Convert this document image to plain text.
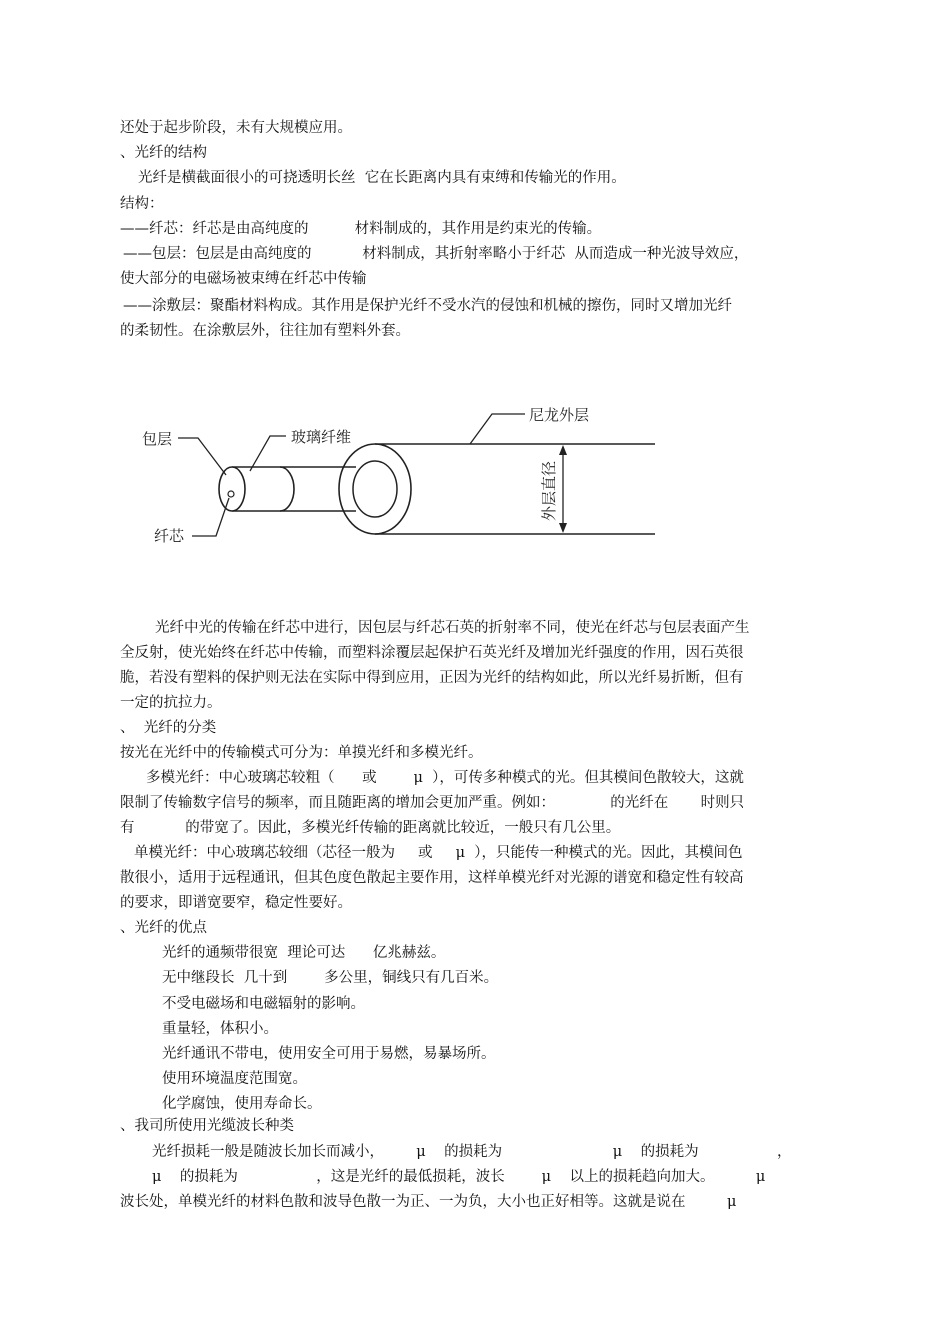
还处于起步阶段，未有大规模应用。
、光纤的结构
光纤是横截面很小的可挠透明长丝  它在长距离内具有束缚和传输光的作用。
结构：
——纤芯：纤芯是由高纯度的          材料制成的，其作用是约束光的传输。
——包层：包层是由高纯度的           材料制成，其折射率略小于纤芯  从而造成一种光波导效应，
使大部分的电磁场被束缚在纤芯中传输
——涂敷层：聚酯材料构成。其作用是保护光纤不受水汽的侵蚀和机械的擦伤，同时又增加光纤
的柔韧性。在涂敷层外，往往加有塑料外套。
光纤中光的传输在纤芯中进行，因包层与纤芯石英的折射率不同，使光在纤芯与包层表面产生
全反射，使光始终在纤芯中传输，而塑料涂覆层起保护石英光纤及增加光纤强度的作用，因石英很
脆，若没有塑料的保护则无法在实际中得到应用，正因为光纤的结构如此，所以光纤易折断，但有
一定的抗拉力。
、  光纤的分类
按光在光纤中的传输模式可分为：单摸光纤和多模光纤。
多模光纤：中心玻璃芯较粗（      或        μ  ），可传多种模式的光。但其模间色散较大，这就
限制了传输数字信号的频率，而且随距离的增加会更加严重。例如：            的光纤在       时则只
有           的带宽了。因此，多模光纤传输的距离就比较近，一般只有几公里。
单模光纤：中心玻璃芯较细（芯径一般为     或     μ  ），只能传一种模式的光。因此，其模间色
散很小，适用于远程通讯，但其色度色散起主要作用，这样单模光纤对光源的谱宽和稳定性有较高
的要求，即谱宽要窄，稳定性要好。
、光纤的优点
光纤的通频带很宽  理论可达      亿兆赫兹。
无中继段长  几十到        多公里，铜线只有几百米。
不受电磁场和电磁辐射的影响。
重量轻，体积小。
光纤通讯不带电，使用安全可用于易燃，易暴场所。
使用环境温度范围宽。
化学腐蚀，使用寿命长。
、我司所使用光缆波长种类
光纤损耗一般是随波长加长而减小，       μ    的损耗为                        μ    的损耗为                 ，
μ    的损耗为                 ，这是光纤的最低损耗，波长        μ    以上的损耗趋向加大。         μ
波长处，单模光纤的材料色散和波导色散一为正、一为负，大小也正好相等。这就是说在         μ
包层	玻璃纤维
尼龙外层
纤芯
外层直径
